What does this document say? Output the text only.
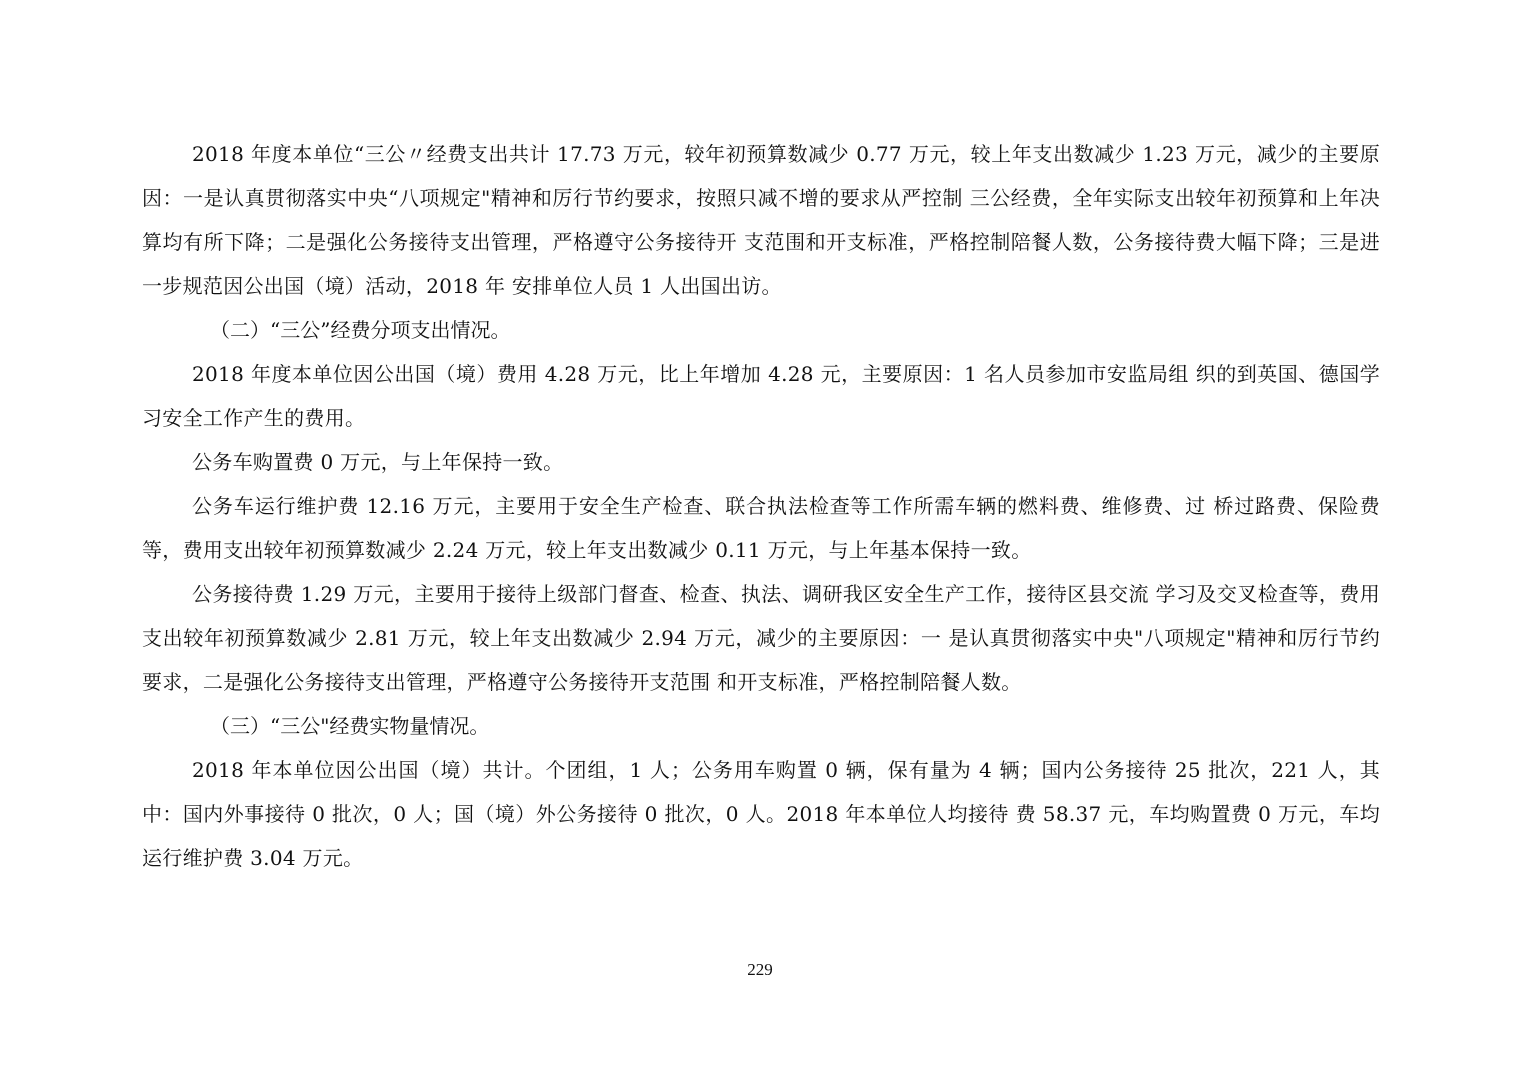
2018 年度本单位“三公〃经费支出共计 17.73 万元，较年初预算数减少 0.77 万元，较上年支出数减少 1.23 万元，减少的主要原因：一是认真贯彻落实中央“八项规定"精神和厉行节约要求，按照只减不增的要求从严控制 三公经费，全年实际支出较年初预算和上年决算均有所下降；二是强化公务接待支出管理，严格遵守公务接待开 支范围和开支标准，严格控制陪餐人数，公务接待费大幅下降；三是进一步规范因公出国（境）活动，2018 年 安排单位人员 1 人出国出访。

（二）“三公”经费分项支出情况。

2018 年度本单位因公出国（境）费用 4.28 万元，比上年增加 4.28 元，主要原因：1 名人员参加市安监局组 织的到英国、德国学习安全工作产生的费用。

公务车购置费 0 万元，与上年保持一致。

公务车运行维护费 12.16 万元，主要用于安全生产检查、联合执法检查等工作所需车辆的燃料费、维修费、过 桥过路费、保险费等，费用支出较年初预算数减少 2.24 万元，较上年支出数减少 0.11 万元，与上年基本保持一致。

公务接待费 1.29 万元，主要用于接待上级部门督查、检查、执法、调研我区安全生产工作，接待区县交流 学习及交叉检查等，费用支出较年初预算数减少 2.81 万元，较上年支出数减少 2.94 万元，减少的主要原因：一 是认真贯彻落实中央"八项规定"精神和厉行节约要求，二是强化公务接待支出管理，严格遵守公务接待开支范围 和开支标准，严格控制陪餐人数。

（三）“三公"经费实物量情况。

2018 年本单位因公出国（境）共计。个团组，1 人；公务用车购置 0 辆，保有量为 4 辆；国内公务接待 25 批次，221 人，其中：国内外事接待 0 批次，0 人；国（境）外公务接待 0 批次，0 人。2018 年本单位人均接待 费 58.37 元，车均购置费 0 万元，车均运行维护费 3.04 万元。

229
